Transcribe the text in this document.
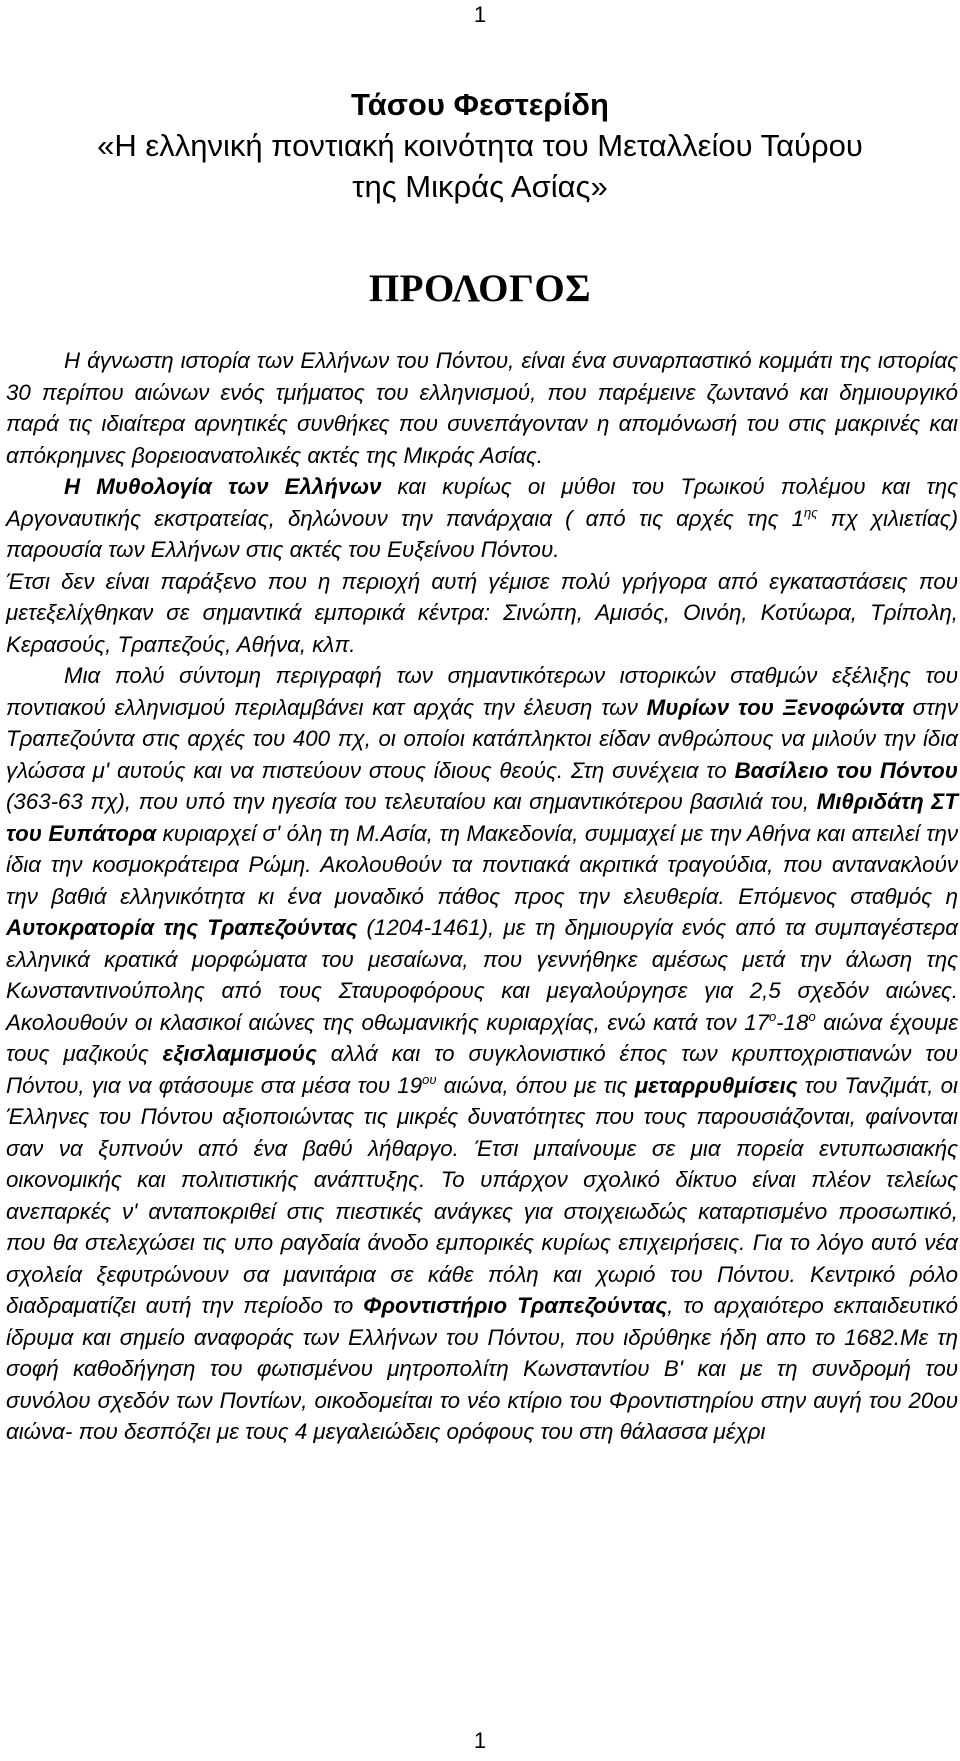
1
Τάσου Φεστερίδη
«Η ελληνική ποντιακή κοινότητα του Μεταλλείου Ταύρου
της Μικράς Ασίας»
ΠΡΟΛΟΓΟΣ

Η άγνωστη ιστορία των Ελλήνων του Πόντου, είναι ένα συναρπαστικό κομμάτι της ιστορίας 30 περίπου αιώνων ενός τμήματος του ελληνισμού, που παρέμεινε ζωντανό και δημιουργικό παρά τις ιδιαίτερα αρνητικές συνθήκες που συνεπάγονταν η απομόνωσή του στις μακρινές και απόκρημνες βορειοανατολικές ακτές της Μικράς Ασίας.

Η Μυθολογία των Ελλήνων και κυρίως οι μύθοι του Τρωικού πολέμου και της Αργοναυτικής εκστρατείας, δηλώνουν την πανάρχαια ( από τις αρχές της $1^{\eta\varsigma}$ πχ χιλιετίας) παρουσία των Ελλήνων στις ακτές του Ευξείνου Πόντου.

Έτσι δεν είναι παράξενο που η περιοχή αυτή γέμισε πολύ γρήγορα από εγκαταστάσεις που μετεξελίχθηκαν σε σημαντικά εμπορικά κέντρα: Σινώπη, Αμισός, Οινόη, Κοτύωρα, Τρίπολη, Κερασούς, Τραπεζούς, Αθήνα, κλπ.

Μια πολύ σύντομη περιγραφή των σημαντικότερων ιστορικών σταθμών εξέλιξης του ποντιακού ελληνισμού περιλαμβάνει κατ αρχάς την έλευση των Μυρίων του Ξενοφώντα στην Τραπεζούντα στις αρχές του 400 πχ, οι οποίοι κατάπληκτοι είδαν ανθρώπους να μιλούν την ίδια γλώσσα μ' αυτούς και να πιστεύουν στους ίδιους θεούς. Στη συνέχεια το Βασίλειο του Πόντου (363-63 πχ), που υπό την ηγεσία του τελευταίου και σημαντικότερου βασιλιά του, Μιθριδάτη ΣΤ του Ευπάτορα κυριαρχεί σ' όλη τη Μ.Ασία, τη Μακεδονία, συμμαχεί με την Αθήνα και απειλεί την ίδια την κοσμοκράτειρα Ρώμη. Ακολουθούν τα ποντιακά ακριτικά τραγούδια, που αντανακλούν την βαθιά ελληνικότητα κι ένα μοναδικό πάθος προς την ελευθερία. Επόμενος σταθμός η Αυτοκρατορία της Τραπεζούντας (1204-1461), με τη δημιουργία ενός από τα συμπαγέστερα ελληνικά κρατικά μορφώματα του μεσαίωνα, που γεννήθηκε αμέσως μετά την άλωση της Κωνσταντινούπολης από τους Σταυροφόρους και μεγαλούργησε για 2,5 σχεδόν αιώνες. Ακολουθούν οι κλασικοί αιώνες της οθωμανικής κυριαρχίας, ενώ κατά τον $17^o-18^o$ αιώνα έχουμε τους μαζικούς εξισλαμισμούς αλλά και το συγκλονιστικό έπος των κρυπτοχριστιανών του Πόντου, για να φτάσουμε στα μέσα του $19^{o\upsilon}$ αιώνα, όπου με τις μεταρρυθμίσεις του Τανζιμάτ, οι Έλληνες του Πόντου αξιοποιώντας τις μικρές δυνατότητες που τους παρουσιάζονται, φαίνονται σαν να ξυπνούν από ένα βαθύ λήθαργο. Έτσι μπαίνουμε σε μια πορεία εντυπωσιακής οικονομικής και πολιτιστικής ανάπτυξης. Το υπάρχον σχολικό δίκτυο είναι πλέον τελείως ανεπαρκές ν' ανταποκριθεί στις πιεστικές ανάγκες για στοιχειωδώς καταρτισμένο προσωπικό, που θα στελεχώσει τις υπο ραγδαία άνοδο εμπορικές κυρίως επιχειρήσεις. Για το λόγο αυτό νέα σχολεία ξεφυτρώνουν σα μανιτάρια σε κάθε πόλη και χωριό του Πόντου. Κεντρικό ρόλο διαδραματίζει αυτή την περίοδο το Φροντιστήριο Τραπεζούντας, το αρχαιότερο εκπαιδευτικό ίδρυμα και σημείο αναφοράς των Ελλήνων του Πόντου, που ιδρύθηκε ήδη απο το 1682.Με τη σοφή καθοδήγηση του φωτισμένου μητροπολίτη Κωνσταντίου Β' και με τη συνδρομή του συνόλου σχεδόν των Ποντίων, οικοδομείται το νέο κτίριο του Φροντιστηρίου στην αυγή του 20ου αιώνα- που δεσπόζει με τους 4 μεγαλειώδεις ορόφους του στη θάλασσα μέχρι

1
